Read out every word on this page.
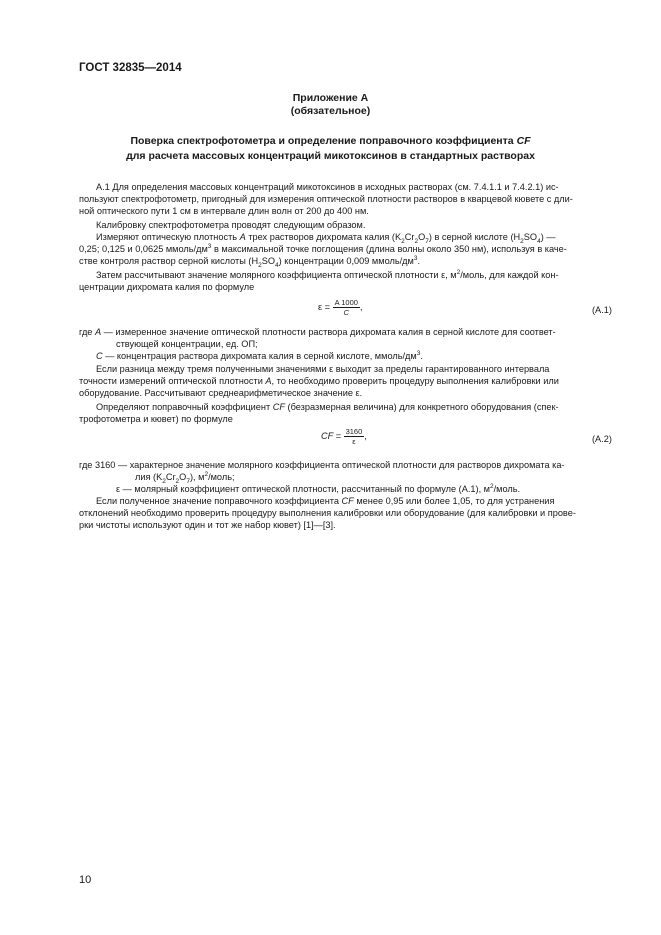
ГОСТ 32835—2014
Приложение А
(обязательное)
Поверка спектрофотометра и определение поправочного коэффициента CF
для расчета массовых концентраций микотоксинов в стандартных растворах
А.1 Для определения массовых концентраций микотоксинов в исходных растворах (см. 7.4.1.1 и 7.4.2.1) ис-
пользуют спектрофотометр, пригодный для измерения оптической плотности растворов в кварцевой кювете с дли-
ной оптического пути 1 см в интервале длин волн от 200 до 400 нм.
Калибровку спектрофотометра проводят следующим образом.
Измеряют оптическую плотность А трех растворов дихромата калия $(K_2Cr_2O_7)$ в серной кислоте $(H_2SO_4)$ —
0,25; 0,125 и 0,0625 ммоль/$дм^3$ в максимальной точке поглощения (длина волны около 350 нм), используя в каче-
стве контроля раствор серной кислоты $(H_2SO_4)$ концентрации 0,009 ммоль/$дм^3$.
Затем рассчитывают значение молярного коэффициента оптической плотности ε, $м^2$/моль, для каждой кон-
центрации дихромата калия по формуле
$\varepsilon = \frac{A 1000}{C}$ ,	(А.1)
где А — измеренное значение оптической плотности раствора дихромата калия в серной кислоте для соответ-
ствующей концентрации, ед. ОП;
C — концентрация раствора дихромата калия в серной кислоте, ммоль/$дм^3$.
Если разница между тремя полученными значениями ε выходит за пределы гарантированного интервала
точности измерений оптической плотности А, то необходимо проверить процедуру выполнения калибровки или
оборудование. Рассчитывают среднеарифметическое значение ε.
Определяют поправочный коэффициент CF (безразмерная величина) для конкретного оборудования (спек-
трофотометра и кювет) по формуле
CF = $\frac{3160}{\varepsilon}$ ,	(А.2)
где 3160 — характерное значение молярного коэффициента оптической плотности для растворов дихромата ка-
лия $(K_2Cr_2O_7)$, $м^2$/моль;
ε — молярный коэффициент оптической плотности, рассчитанный по формуле (А.1), $м^2$/моль.
Если полученное значение поправочного коэффициента CF менее 0,95 или более 1,05, то для устранения
отклонений необходимо проверить процедуру выполнения калибровки или оборудование (для калибровки и прове-
рки чистоты используют один и тот же набор кювет) [1]—[3].
10
